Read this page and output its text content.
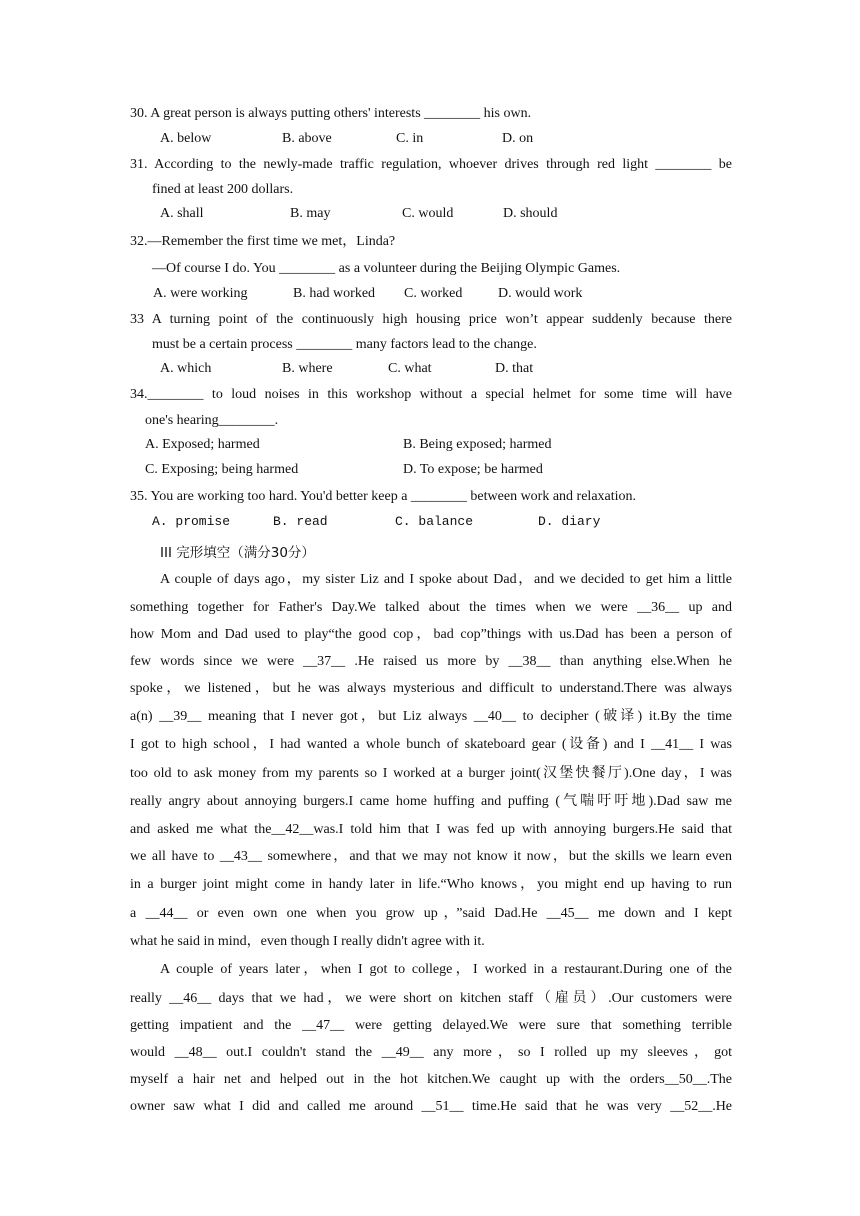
30. A great person is always putting others' interests ________ his own.
A. below	B. above	C. in	D. on
31. According to the newly-made traffic regulation, whoever drives through red light ________ be
fined at least 200 dollars.
A. shall	B. may	C. would	D. should
32.—Remember the first time we met，Linda?
—Of course I do. You ________ as a volunteer during the Beijing Olympic Games.
A. were working	B. had worked C. worked	D. would work
33 A turning point of the continuously high housing price won’t appear suddenly because there
must be a certain process ________ many factors lead to the change.
A. which	B. where	C. what	D. that
34.________ to loud noises in this workshop without a special helmet for some time will have
one's hearing________.
A. Exposed; harmed	B. Being exposed; harmed
C. Exposing; being harmed	D. To expose; be harmed
35. You are working too hard. You'd better keep a ________ between work and relaxation.
A. promise	B. read	C. balance	D. diary
III 完形填空（满分30分）
A couple of days ago，my sister Liz and I spoke about Dad，and we decided to get him a little
something together for Father's Day.We talked about the times when we were __36__ up and
how Mom and Dad used to play“the good cop，bad cop”things with us.Dad has been a person of
few words since we were __37__ .He raised us more by __38__ than anything else.When he
spoke，we listened，but he was always mysterious and difficult to understand.There was always
a(n) __39__ meaning that I never got，but Liz always __40__ to decipher (破译) it.By the time
I got to high school，I had wanted a whole bunch of skateboard gear (设备) and I __41__ I was
too old to ask money from my parents so I worked at a burger joint(汉堡快餐厅).One day，I was
really angry about annoying burgers.I came home huffing and puffing (气喘吁吁地).Dad saw me
and asked me what the__42__was.I told him that I was fed up with annoying burgers.He said that
we all have to __43__ somewhere，and that we may not know it now，but the skills we learn even
in a burger joint might come in handy later in life.“Who knows，you might end up having to run
a __44__ or even own one when you grow up，”said Dad.He __45__ me down and I kept
what he said in mind，even though I really didn't agree with it.
A couple of years later，when I got to college，I worked in a restaurant.During one of the
really __46__ days that we had，we were short on kitchen staff（雇员）.Our customers were
getting impatient and the __47__ were getting delayed.We were sure that something terrible
would __48__ out.I couldn't stand the __49__ any more，so I rolled up my sleeves，got
myself a hair net and helped out in the hot kitchen.We caught up with the orders__50__.The
owner saw what I did and called me around __51__ time.He said that he was very __52__.He
